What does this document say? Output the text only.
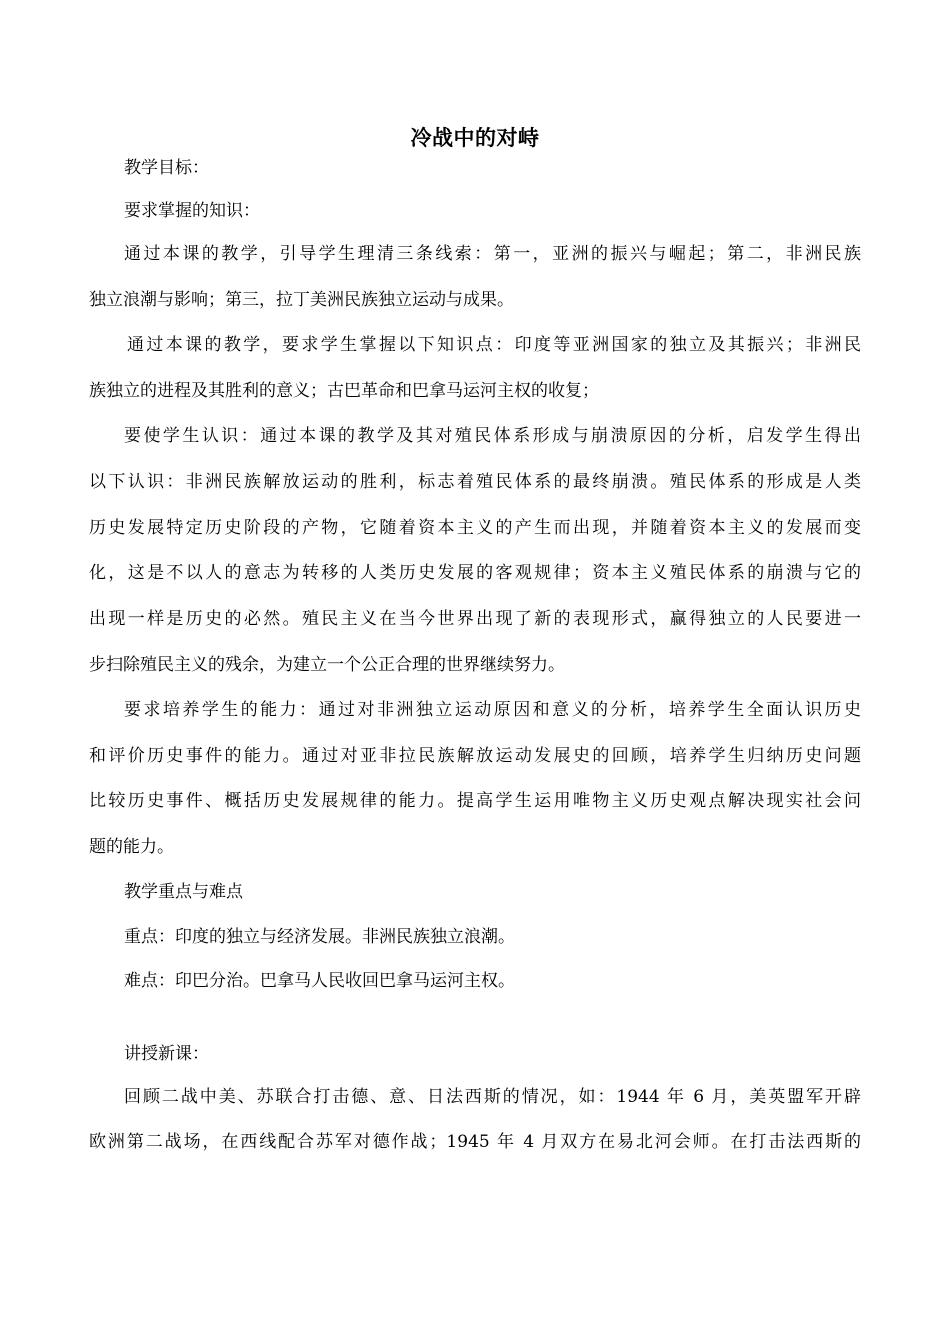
冷战中的对峙

教学目标：

要求掌握的知识：

通过本课的教学，引导学生理清三条线索：第一，亚洲的振兴与崛起；第二，非洲民族

独立浪潮与影响；第三，拉丁美洲民族独立运动与成果。

通过本课的教学，要求学生掌握以下知识点：印度等亚洲国家的独立及其振兴；非洲民

族独立的进程及其胜利的意义；古巴革命和巴拿马运河主权的收复；

要使学生认识：通过本课的教学及其对殖民体系形成与崩溃原因的分析，启发学生得出

以下认识：非洲民族解放运动的胜利，标志着殖民体系的最终崩溃。殖民体系的形成是人类

历史发展特定历史阶段的产物，它随着资本主义的产生而出现，并随着资本主义的发展而变

化，这是不以人的意志为转移的人类历史发展的客观规律；资本主义殖民体系的崩溃与它的

出现一样是历史的必然。殖民主义在当今世界出现了新的表现形式，赢得独立的人民要进一

步扫除殖民主义的残余，为建立一个公正合理的世界继续努力。

要求培养学生的能力：通过对非洲独立运动原因和意义的分析，培养学生全面认识历史

和评价历史事件的能力。通过对亚非拉民族解放运动发展史的回顾，培养学生归纳历史问题

比较历史事件、概括历史发展规律的能力。提高学生运用唯物主义历史观点解决现实社会问

题的能力。

教学重点与难点

重点：印度的独立与经济发展。非洲民族独立浪潮。

难点：印巴分治。巴拿马人民收回巴拿马运河主权。

讲授新课：

回顾二战中美、苏联合打击德、意、日法西斯的情况，如：1944 年 6 月，美英盟军开辟

欧洲第二战场，在西线配合苏军对德作战；1945 年 4 月双方在易北河会师。在打击法西斯的
